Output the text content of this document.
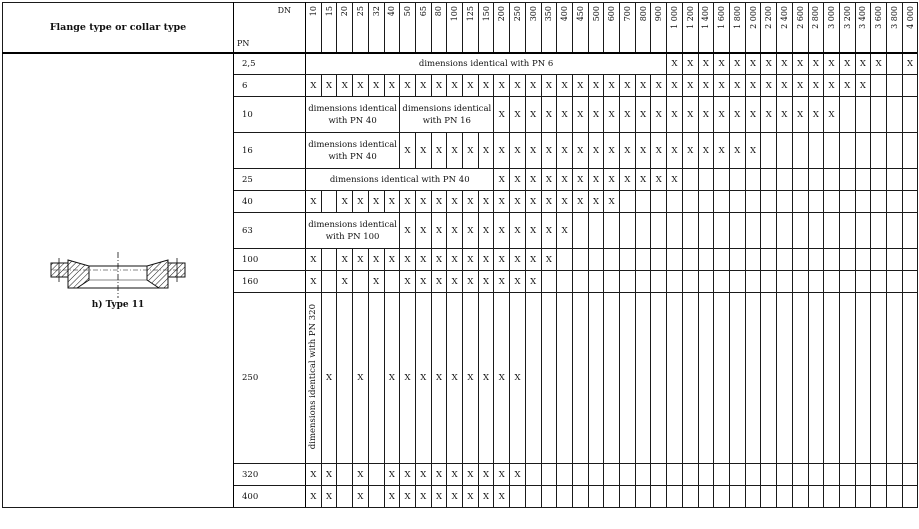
Flange type or collar type	DN
PN	10	15	20	25	32	40	50	65	80	100	125	150	200	250	300	350	400	450	500	600	700	800	900	1 000	1 200	1 400	1 600	1 800	2 000	2 200	2 400	2 600	2 800	3 000	3 200	3 400	3 600	3 800	4 000	

h) Type 11	2,5	dimensions identical with PN 6																							X	X	X	X	X	X	X	X	X	X	X	X	X	X		X	
	6	X	X	X	X	X	X	X	X	X	X	X	X	X	X	X	X	X	X	X	X	X	X	X	X	X	X	X	X	X	X	X	X	X	X	X	X				
	10	dimensions identical with PN 40						dimensions identical with PN 16						X	X	X	X	X	X	X	X	X	X	X	X	X	X	X	X	X	X	X	X	X	X						
	16	dimensions identical with PN 40						X	X	X	X	X	X	X	X	X	X	X	X	X	X	X	X	X	X	X	X	X	X	X											
	25	dimensions identical with PN 40												X	X	X	X	X	X	X	X	X	X	X	X																
	40	X		X	X	X	X	X	X	X	X	X	X	X	X	X	X	X	X	X	X																				
	63	dimensions identical with PN 100						X	X	X	X	X	X	X	X	X	X	X																							
	100	X		X	X	X	X	X	X	X	X	X	X	X	X	X	X																								
	160	X		X		X		X	X	X	X	X	X	X	X	X																									
	250	dimensions identical with PN 320	X		X		X	X	X	X	X	X	X	X	X																										
	320	X	X		X		X	X	X	X	X	X	X	X	X																										
	400	X	X		X		X	X	X	X	X	X	X	X																											
